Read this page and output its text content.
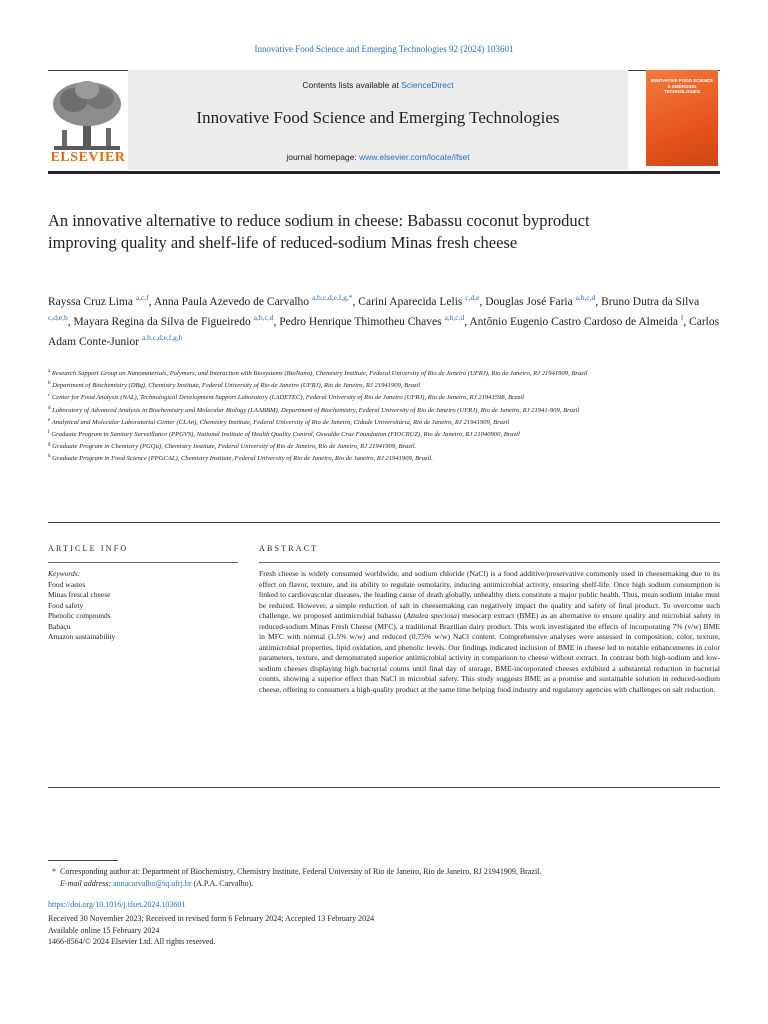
Innovative Food Science and Emerging Technologies 92 (2024) 103601
ELSEVIER
Contents lists available at ScienceDirect
Innovative Food Science and Emerging Technologies
journal homepage: www.elsevier.com/locate/ifset
INNOVATIVE FOOD SCIENCE & EMERGING TECHNOLOGIES
An innovative alternative to reduce sodium in cheese: Babassu coconut byproduct improving quality and shelf-life of reduced-sodium Minas fresh cheese
Rayssa Cruz Lima $^{a,c,f}$, Anna Paula Azevedo de Carvalho $^{a,b,c,d,e,f,g,*}$, Carini Aparecida Lelis $^{c,d,e}$, Douglas José Faria $^{a,b,c,d}$, Bruno Dutra da Silva $^{c,d,e,h}$, Mayara Regina da Silva de Figueiredo $^{a,b,c,d}$, Pedro Henrique Thimotheu Chaves $^{a,b,c,d}$, Antônio Eugenio Castro Cardoso de Almeida $^f$, Carlos Adam Conte-Junior $^{a,b,c,d,e,f,g,h}$

$^a$ Research Support Group on Nanomaterials, Polymers, and Interaction with Biosystems (BioNano), Chemistry Institute, Federal University of Rio de Janeiro (UFRJ), Rio de Janeiro, RJ 21941909, Brazil

$^b$ Department of Biochemistry (DBq), Chemistry Institute, Federal University of Rio de Janeiro (UFRJ), Rio de Janeiro, RJ 21941909, Brazil

$^c$ Center for Food Analysis (NAL), Technological Development Support Laboratory (LADETEC), Federal University of Rio de Janeiro (UFRJ), Rio de Janeiro, RJ 21941598, Brazil

$^d$ Laboratory of Advanced Analysis in Biochemistry and Molecular Biology (LAABBM), Department of Biochemistry, Federal University of Rio de Janeiro (UFRJ), Rio de Janeiro, RJ 21941-909, Brazil

$^e$ Analytical and Molecular Laboratorial Center (CLAn), Chemistry Institute, Federal University of Rio de Janeiro, Cidade Universitária, Rio de Janeiro, RJ 21941909, Brazil

$^f$ Graduate Program in Sanitary Surveillance (PPGVS), National Institute of Health Quality Control, Oswaldo Cruz Foundation (FIOCRUZ), Rio de Janeiro, RJ 21040900, Brazil

$^g$ Graduate Program in Chemistry (PGQu), Chemistry Institute, Federal University of Rio de Janeiro, Rio de Janeiro, RJ 21941909, Brazil.

$^h$ Graduate Program in Food Science (PPGCAL), Chemistry Institute, Federal University of Rio de Janeiro, Rio de Janeiro, RJ 21941909, Brazil.

ARTICLE INFO	ABSTRACT
Keywords:
Food wastes
Minas frescal cheese
Food safety
Phenolic compounds
Babaçu
Amazon sustainability
Fresh cheese is widely consumed worldwide, and sodium chloride (NaCl) is a food additive/preservative commonly used in cheesemaking due to its effect on flavor, texture, and its ability to regulate osmolarity, inducing antimicrobial activity, ensuring shelf-life. Once high sodium consumption is linked to cardiovascular diseases, the leading cause of death globally, unhealthy diets constitute a major public health. Thus, mean sodium intake must be reduced. However, a simple reduction of salt in cheesemaking can negatively impact the quality and safety of final product. To overcome such challenge, we proposed antimicrobial babassu (Attalea speciosa) mesocarp extract (BME) as an alternative to ensure quality and microbial safety in reduced-sodium Minas Fresh Cheese (MFC), a traditional Brazilian dairy product. This work investigated the effects of incorporating 7% (v/w) BME in MFC with normal (1.5% w/w) and reduced (0.75% w/w) NaCl content. Comprehensive analyses were assessed in composition, color, texture, antimicrobial properties, lipid oxidation, and phenolic levels. Our findings indicated inclusion of BME in cheese led to notable enhancements in color parameters, texture, and demonstrated superior antimicrobial activity in comparison to cheese without extract. In contrast both high-sodium and low-sodium cheeses displaying high bacterial counts until final day of storage, BME-incorporated cheeses exhibited a substantial reduction in bacterial counts, showing a superior effect than NaCl in microbial safety. This study suggests BME as a promise and sustainable solution in reduced-sodium cheese, offering to consumers a high-quality product at the same time helping food industry and regulatory agencies with challenges on salt reduction.
* Corresponding author at: Department of Biochemistry, Chemistry Institute, Federal University of Rio de Janeiro, Rio de Janeiro, RJ 21941909, Brazil.
E-mail address: annacarvalho@iq.ufrj.br (A.P.A. Carvalho).
https://doi.org/10.1016/j.ifset.2024.103601
Received 30 November 2023; Received in revised form 6 February 2024; Accepted 13 February 2024
Available online 15 February 2024
1466-8564/© 2024 Elsevier Ltd. All rights reserved.
